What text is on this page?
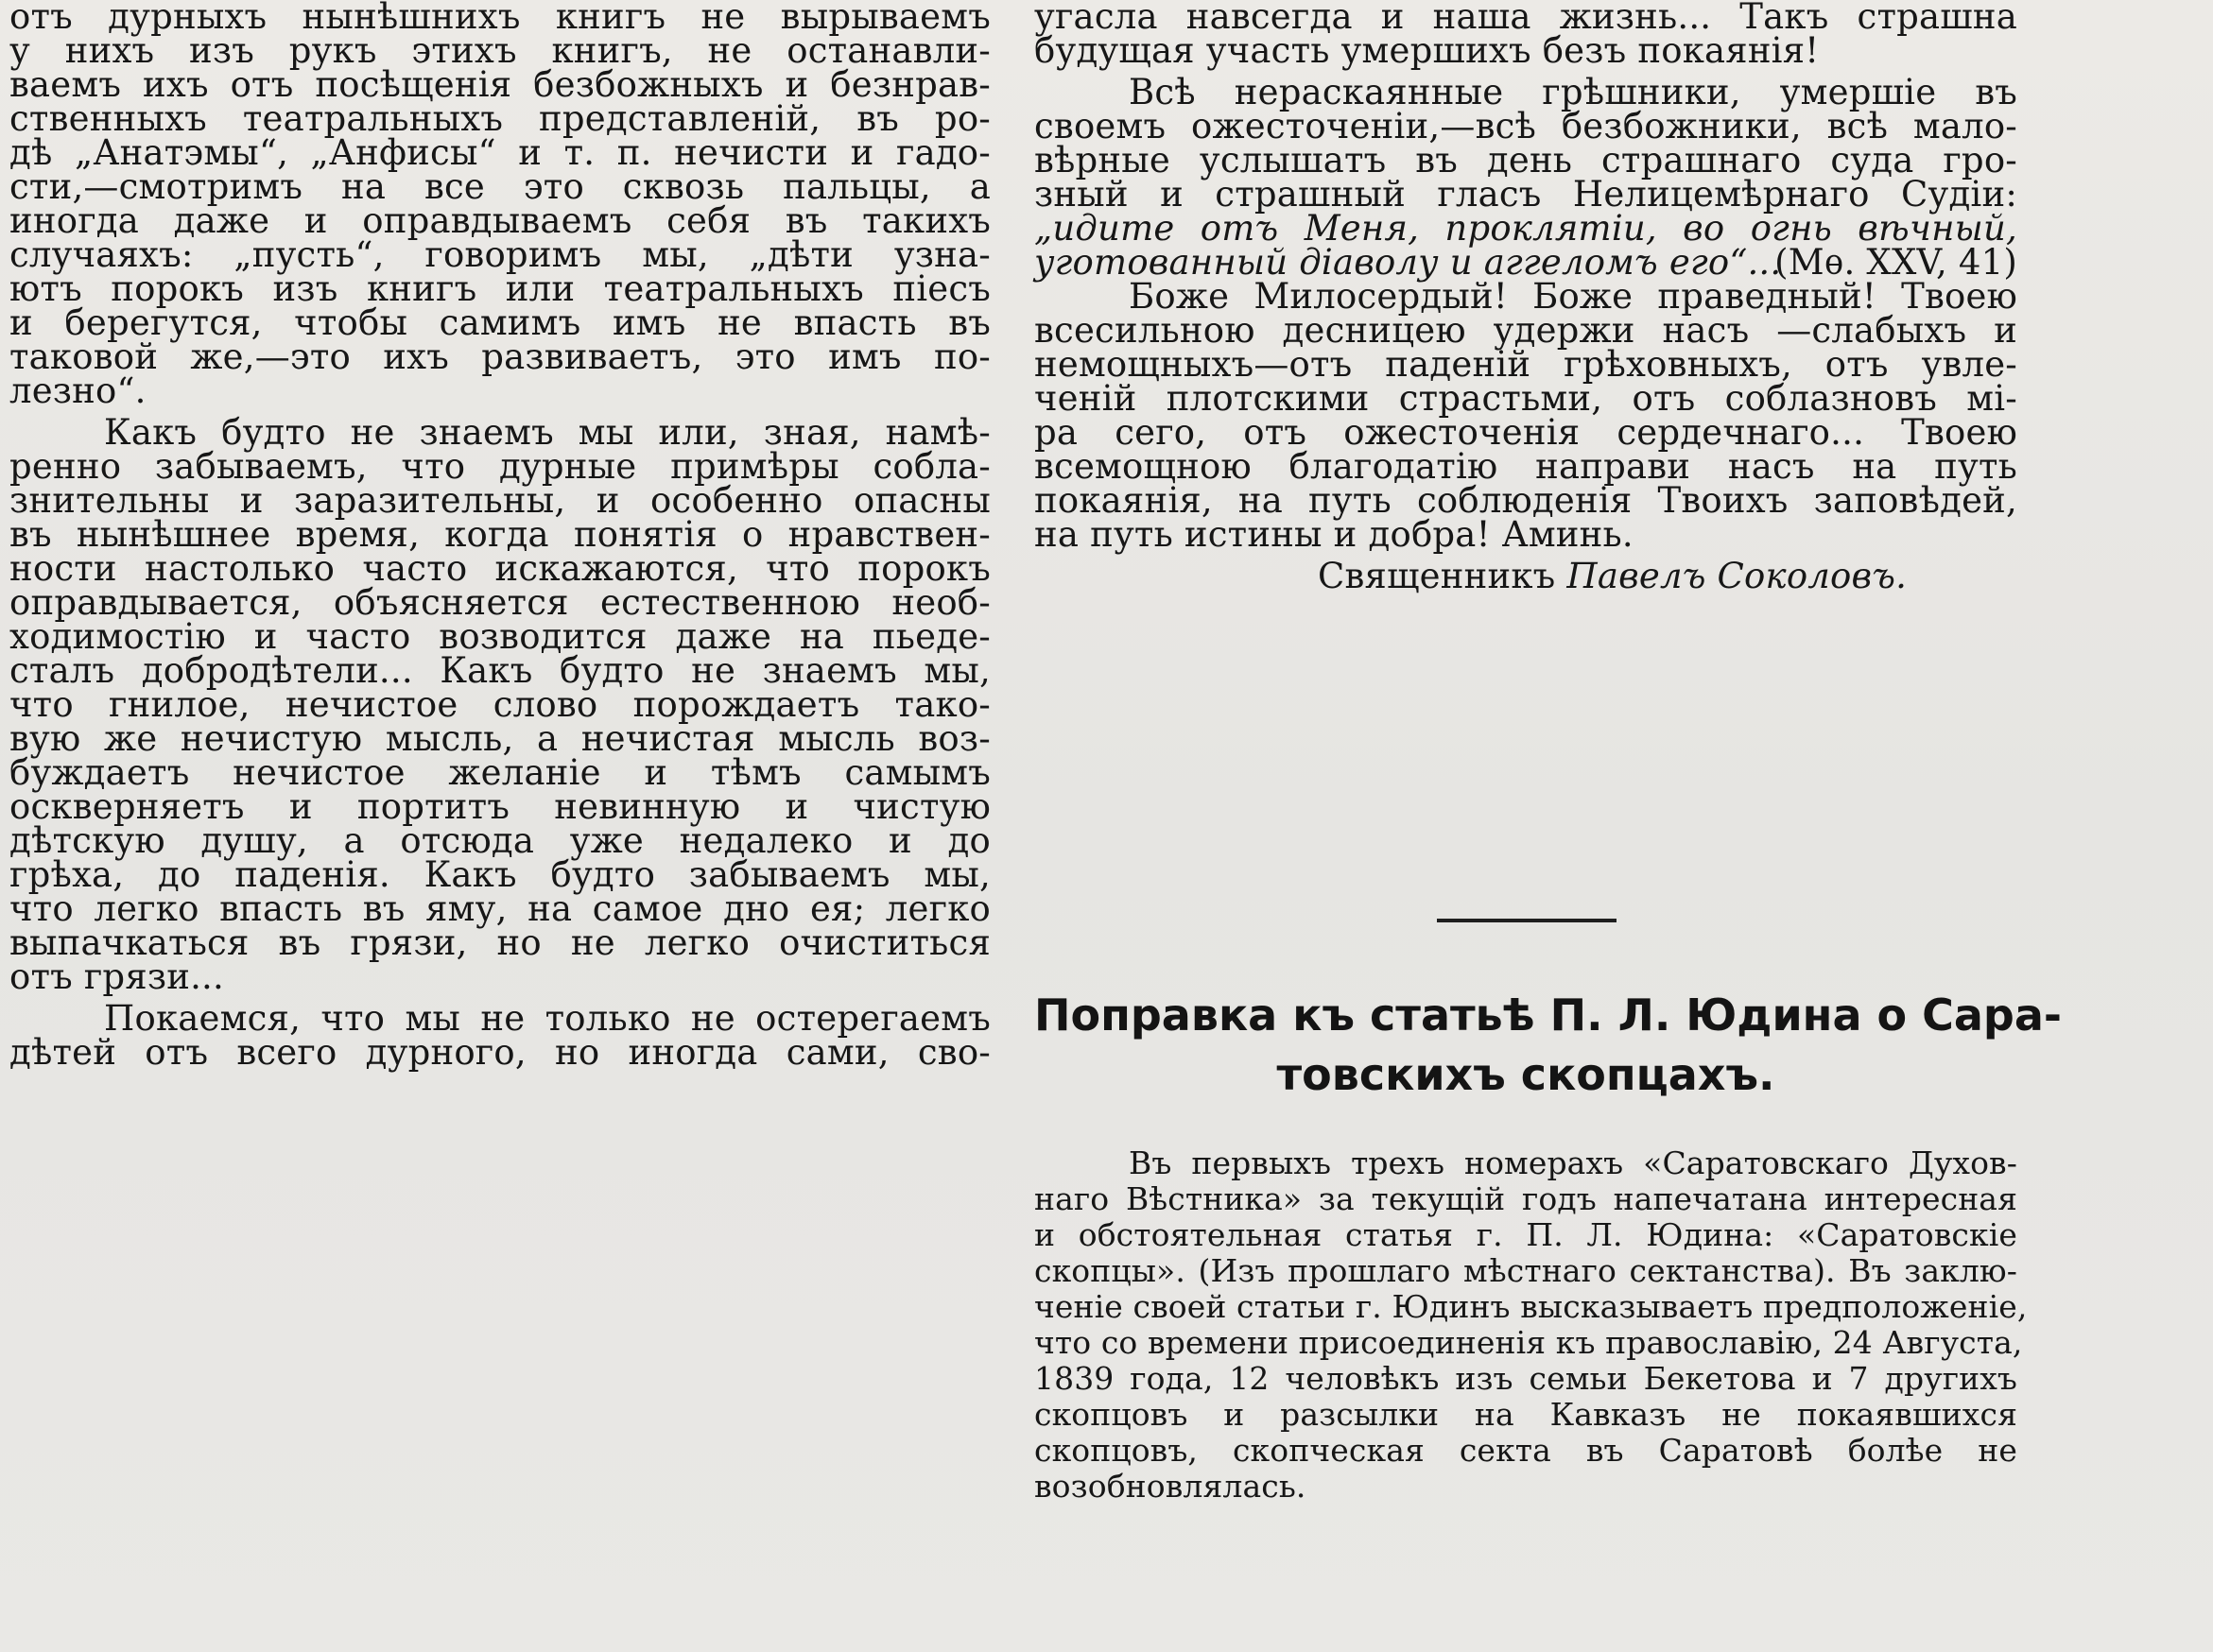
отъ дурныхъ нынѣшнихъ книгъ не вырываемъ
у нихъ изъ рукъ этихъ книгъ, не останавли-
ваемъ ихъ отъ посѣщенія безбожныхъ и безнрав-
ственныхъ театральныхъ представленій, въ ро-
дѣ „Анатэмы“, „Анфисы“ и т. п. нечисти и гадо-
сти,—смотримъ на все это сквозь пальцы, а
иногда даже и оправдываемъ себя въ такихъ
случаяхъ: „пусть“, говоримъ мы, „дѣти узна-
ютъ порокъ изъ книгъ или театральныхъ піесъ
и берегутся, чтобы самимъ имъ не впасть въ
таковой же,—это ихъ развиваетъ, это имъ по-
лезно“.
Какъ будто не знаемъ мы или, зная, намѣ-
ренно забываемъ, что дурные примѣры собла-
знительны и заразительны, и особенно опасны
въ нынѣшнее время, когда понятія о нравствен-
ности настолько часто искажаются, что порокъ
оправдывается, объясняется естественною необ-
ходимостію и часто возводится даже на пьеде-
сталъ добродѣтели... Какъ будто не знаемъ мы,
что гнилое, нечистое слово порождаетъ тако-
вую же нечистую мысль, а нечистая мысль воз-
буждаетъ нечистое желаніе и тѣмъ самымъ
оскверняетъ и портитъ невинную и чистую
дѣтскую душу, а отсюда уже недалеко и до
грѣха, до паденія. Какъ будто забываемъ мы,
что легко впасть въ яму, на самое дно ея; легко
выпачкаться въ грязи, но не легко очиститься
отъ грязи...
Покаемся, что мы не только не остерегаемъ
дѣтей отъ всего дурного, но иногда сами, сво-
угасла навсегда и наша жизнь... Такъ страшна
будущая участь умершихъ безъ покаянія!
Всѣ нераскаянные грѣшники, умершіе въ
своемъ ожесточеніи,—всѣ безбожники, всѣ мало-
вѣрные услышатъ въ день страшнаго суда гро-
зный и страшный гласъ Нелицемѣрнаго Судіи:
„идите отъ Меня, проклятіи, во огнь вѣчный,
уготованный діаволу и аггеломъ его“...
(Мѳ. XXV, 41)
Боже Милосердый! Боже праведный! Твоею
всесильною десницею удержи насъ —слабыхъ и
немощныхъ—отъ паденій грѣховныхъ, отъ увле-
ченій плотскими страстьми, отъ соблазновъ мі-
ра сего, отъ ожесточенія сердечнаго... Твоею
всемощною благодатію направи насъ на путь
покаянія, на путь соблюденія Твоихъ заповѣдей,
на путь истины и добра! Аминь.
Священникъ Павелъ Соколовъ.
Поправка къ статьѣ П. Л. Юдина о Сара-
товскихъ скопцахъ.
Въ первыхъ трехъ номерахъ «Саратовскаго Духов-
наго Вѣстника» за текущій годъ напечатана интересная
и обстоятельная статья г. П. Л. Юдина: «Саратовскіе
скопцы». (Изъ прошлаго мѣстнаго сектанства). Въ заклю-
ченіе своей статьи г. Юдинъ высказываетъ предположеніе,
что со времени присоединенія къ православію, 24 Августа,
1839 года, 12 человѣкъ изъ семьи Бекетова и 7 другихъ
скопцовъ и разсылки на Кавказъ не покаявшихся
скопцовъ, скопческая секта въ Саратовѣ болѣе не
возобновлялась.
